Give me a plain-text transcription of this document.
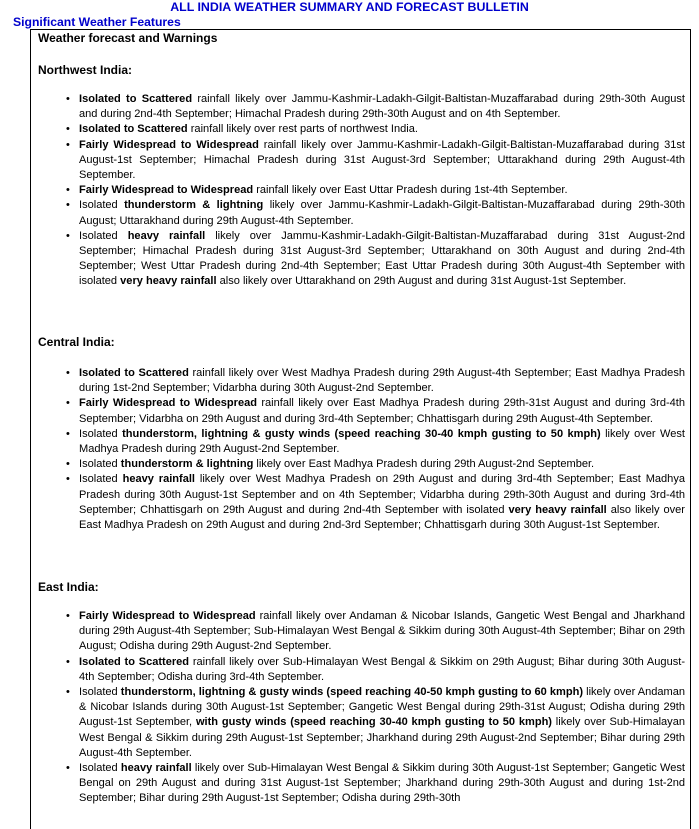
ALL INDIA WEATHER SUMMARY AND FORECAST BULLETIN
Significant Weather Features
Weather forecast and Warnings
Northwest India:
• Isolated to Scattered rainfall likely over Jammu-Kashmir-Ladakh-Gilgit-Baltistan-Muzaffarabad during 29th-30th August and during 2nd-4th September; Himachal Pradesh during 29th-30th August and on 4th September.
• Isolated to Scattered rainfall likely over rest parts of northwest India.
• Fairly Widespread to Widespread rainfall likely over Jammu-Kashmir-Ladakh-Gilgit-Baltistan-Muzaffarabad during 31st August-1st September; Himachal Pradesh during 31st August-3rd September; Uttarakhand during 29th August-4th September.
• Fairly Widespread to Widespread rainfall likely over East Uttar Pradesh during 1st-4th September.
• Isolated thunderstorm & lightning likely over Jammu-Kashmir-Ladakh-Gilgit-Baltistan-Muzaffarabad during 29th-30th August; Uttarakhand during 29th August-4th September.
• Isolated heavy rainfall likely over Jammu-Kashmir-Ladakh-Gilgit-Baltistan-Muzaffarabad during 31st August-2nd September; Himachal Pradesh during 31st August-3rd September; Uttarakhand on 30th August and during 2nd-4th September; West Uttar Pradesh during 2nd-4th September; East Uttar Pradesh during 30th August-4th September with isolated very heavy rainfall also likely over Uttarakhand on 29th August and during 31st August-1st September.
Central India:
• Isolated to Scattered rainfall likely over West Madhya Pradesh during 29th August-4th September; East Madhya Pradesh during 1st-2nd September; Vidarbha during 30th August-2nd September.
• Fairly Widespread to Widespread rainfall likely over East Madhya Pradesh during 29th-31st August and during 3rd-4th September; Vidarbha on 29th August and during 3rd-4th September; Chhattisgarh during 29th August-4th September.
• Isolated thunderstorm, lightning & gusty winds (speed reaching 30-40 kmph gusting to 50 kmph) likely over West Madhya Pradesh during 29th August-2nd September.
• Isolated thunderstorm & lightning likely over East Madhya Pradesh during 29th August-2nd September.
• Isolated heavy rainfall likely over West Madhya Pradesh on 29th August and during 3rd-4th September; East Madhya Pradesh during 30th August-1st September and on 4th September; Vidarbha during 29th-30th August and during 3rd-4th September; Chhattisgarh on 29th August and during 2nd-4th September with isolated very heavy rainfall also likely over East Madhya Pradesh on 29th August and during 2nd-3rd September; Chhattisgarh during 30th August-1st September.
East India:
• Fairly Widespread to Widespread rainfall likely over Andaman & Nicobar Islands, Gangetic West Bengal and Jharkhand during 29th August-4th September; Sub-Himalayan West Bengal & Sikkim during 30th August-4th September; Bihar on 29th August; Odisha during 29th August-2nd September.
• Isolated to Scattered rainfall likely over Sub-Himalayan West Bengal & Sikkim on 29th August; Bihar during 30th August-4th September; Odisha during 3rd-4th September.
• Isolated thunderstorm, lightning & gusty winds (speed reaching 40-50 kmph gusting to 60 kmph) likely over Andaman & Nicobar Islands during 30th August-1st September; Gangetic West Bengal during 29th-31st August; Odisha during 29th August-1st September, with gusty winds (speed reaching 30-40 kmph gusting to 50 kmph) likely over Sub-Himalayan West Bengal & Sikkim during 29th August-1st September; Jharkhand during 29th August-2nd September; Bihar during 29th August-4th September.
• Isolated heavy rainfall likely over Sub-Himalayan West Bengal & Sikkim during 30th August-1st September; Gangetic West Bengal on 29th August and during 31st August-1st September; Jharkhand during 29th-30th August and during 1st-2nd September; Bihar during 29th August-1st September; Odisha during 29th-30th
